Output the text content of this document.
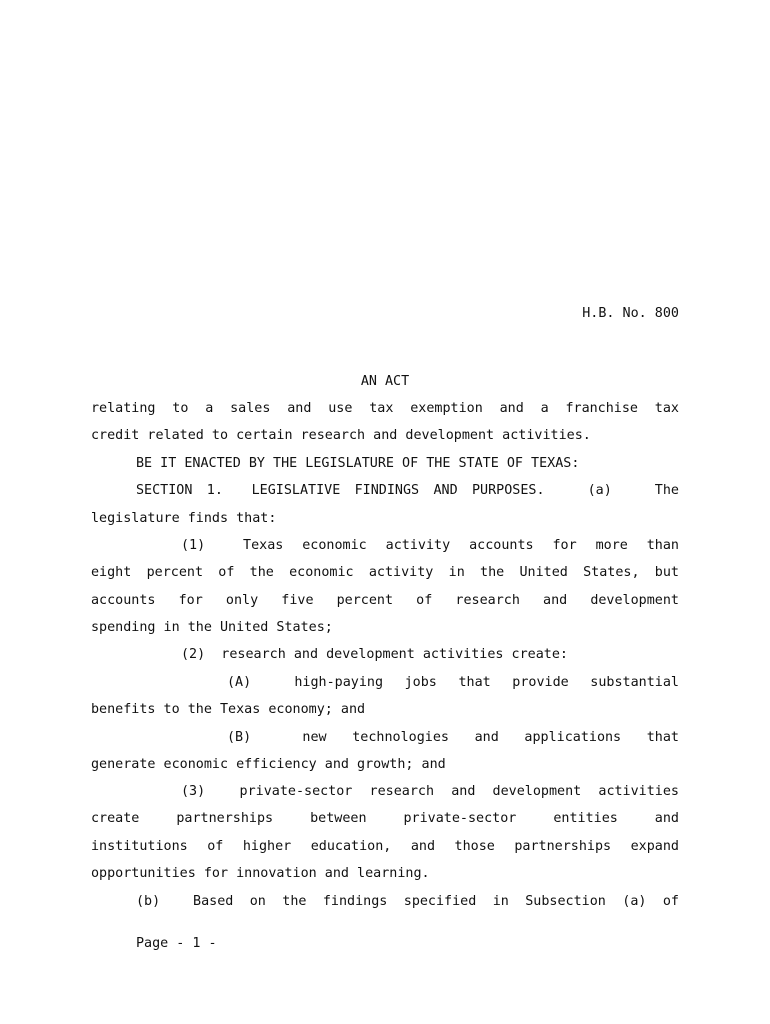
H.B. No. 800
AN ACT
relating to a sales and use tax exemption and a franchise tax
credit related to certain research and development activities.
BE IT ENACTED BY THE LEGISLATURE OF THE STATE OF TEXAS:
SECTION 1.  LEGISLATIVE FINDINGS AND PURPOSES.   (a)   The
legislature finds that:
(1)  Texas economic activity accounts for more than
eight percent of the economic activity in the United States, but
accounts for only five percent of research and development
spending in the United States;
(2)  research and development activities create:
(A)  high-paying jobs that provide substantial
benefits to the Texas economy; and
(B)  new technologies and applications that
generate economic efficiency and growth; and
(3)  private-sector research and development activities
create partnerships between private-sector entities and
institutions of higher education, and those partnerships expand
opportunities for innovation and learning.
(b)  Based on the findings specified in Subsection (a) of
Page - 1 -
